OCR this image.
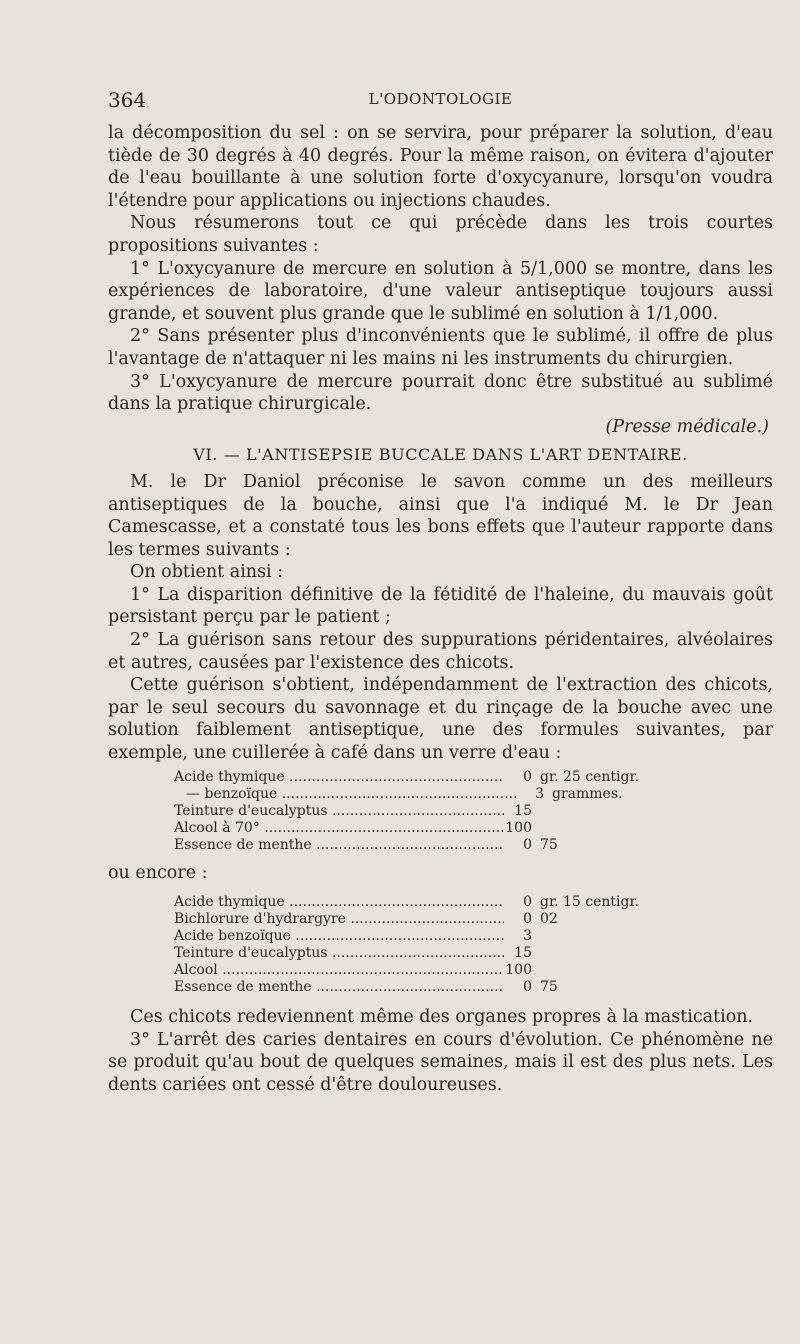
364	L'ODONTOLOGIE

la décomposition du sel : on se servira, pour préparer la solution, d'eau tiède de 30 degrés à 40 degrés. Pour la même raison, on évitera d'ajouter de l'eau bouillante à une solution forte d'oxycyanure, lorsqu'on voudra l'étendre pour applications ou injections chaudes.

Nous résumerons tout ce qui précède dans les trois courtes propositions suivantes :

1° L'oxycyanure de mercure en solution à 5/1,000 se montre, dans les expériences de laboratoire, d'une valeur antiseptique toujours aussi grande, et souvent plus grande que le sublimé en solution à 1/1,000.

2° Sans présenter plus d'inconvénients que le sublimé, il offre de plus l'avantage de n'attaquer ni les mains ni les instruments du chirurgien.

3° L'oxycyanure de mercure pourrait donc être substitué au sublimé dans la pratique chirurgicale.

(Presse médicale.)

VI. — L'ANTISEPSIE BUCCALE DANS L'ART DENTAIRE.

M. le Dr Daniol préconise le savon comme un des meilleurs antiseptiques de la bouche, ainsi que l'a indiqué M. le Dr Jean Camescasse, et a constaté tous les bons effets que l'auteur rapporte dans les termes suivants :

On obtient ainsi :

1° La disparition définitive de la fétidité de l'haleine, du mauvais goût persistant perçu par le patient ;

2° La guérison sans retour des suppurations péridentaires, alvéolaires et autres, causées par l'existence des chicots.

Cette guérison s'obtient, indépendamment de l'extraction des chicots, par le seul secours du savonnage et du rinçage de la bouche avec une solution faiblement antiseptique, une des formules suivantes, par exemple, une cuillerée à café dans un verre d'eau :

Acide thymique .....	0 gr. 25 centigr.
— benzoïque .....	3 grammes.
Teinture d'eucalyptus .....	15
Alcool à 70° .....	100
Essence de menthe .....	0 75

ou encore :

Acide thymique .....	0 gr. 15 centigr.
Bichlorure d'hydrargyre .....	0 02
Acide benzoïque .....	3
Teinture d'eucalyptus .....	15
Alcool .....	100
Essence de menthe .....	0 75

Ces chicots redeviennent même des organes propres à la mastication.

3° L'arrêt des caries dentaires en cours d'évolution. Ce phénomène ne se produit qu'au bout de quelques semaines, mais il est des plus nets. Les dents cariées ont cessé d'être douloureuses.
